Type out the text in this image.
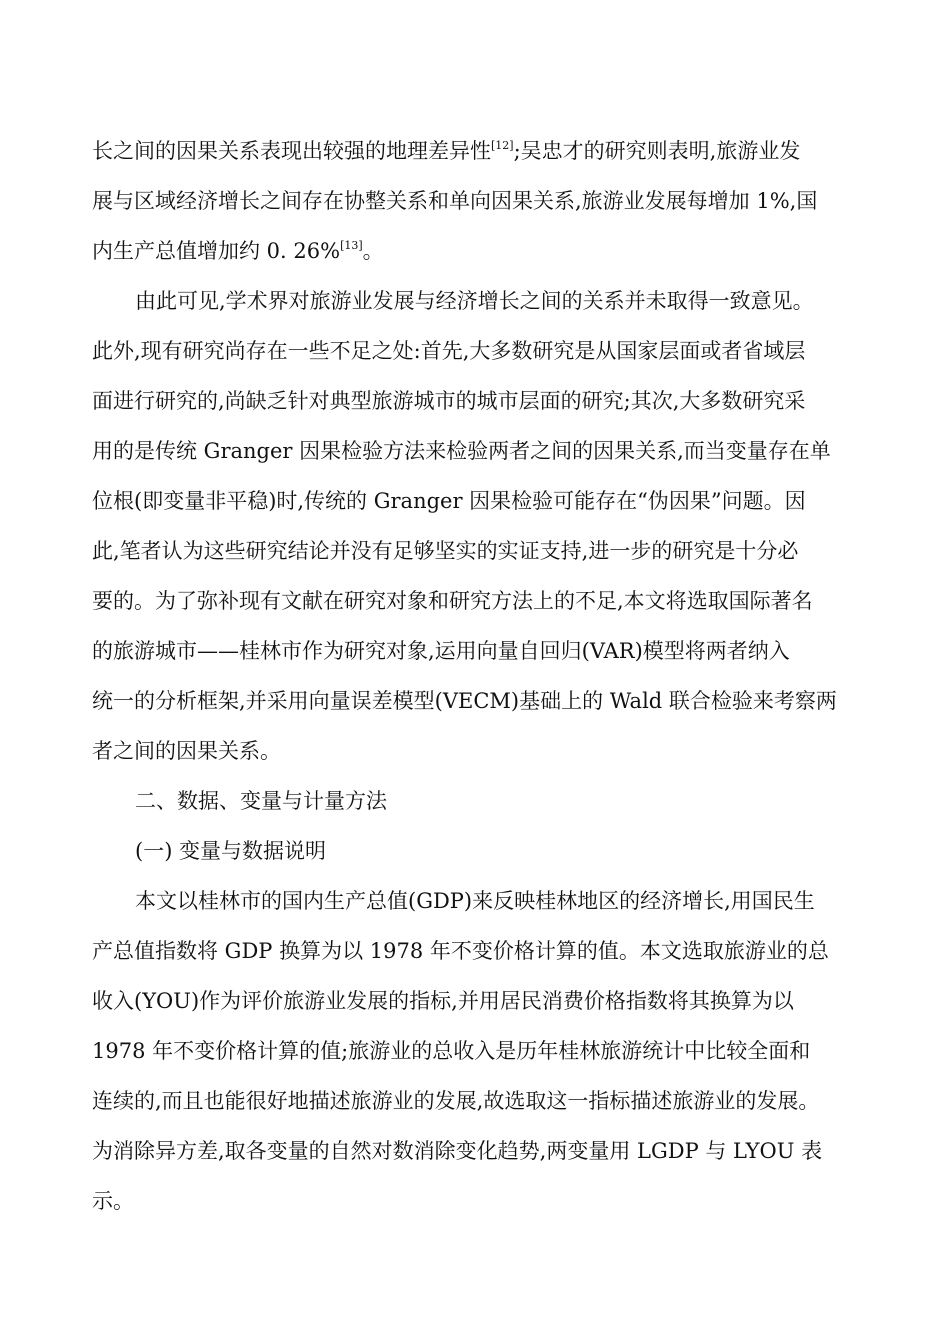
长之间的因果关系表现出较强的地理差异性[12];吴忠才的研究则表明,旅游业发
展与区域经济增长之间存在协整关系和单向因果关系,旅游业发展每增加 1%,国
内生产总值增加约 0. 26%[13]。
由此可见,学术界对旅游业发展与经济增长之间的关系并未取得一致意见。
此外,现有研究尚存在一些不足之处:首先,大多数研究是从国家层面或者省域层
面进行研究的,尚缺乏针对典型旅游城市的城市层面的研究;其次,大多数研究采
用的是传统 Granger 因果检验方法来检验两者之间的因果关系,而当变量存在单
位根(即变量非平稳)时,传统的 Granger 因果检验可能存在“伪因果”问题。因
此,笔者认为这些研究结论并没有足够坚实的实证支持,进一步的研究是十分必
要的。为了弥补现有文献在研究对象和研究方法上的不足,本文将选取国际著名
的旅游城市——桂林市作为研究对象,运用向量自回归(VAR)模型将两者纳入
统一的分析框架,并采用向量误差模型(VECM)基础上的 Wald 联合检验来考察两
者之间的因果关系。
二、数据、变量与计量方法
(一) 变量与数据说明
本文以桂林市的国内生产总值(GDP)来反映桂林地区的经济增长,用国民生
产总值指数将 GDP 换算为以 1978 年不变价格计算的值。本文选取旅游业的总
收入(YOU)作为评价旅游业发展的指标,并用居民消费价格指数将其换算为以
1978 年不变价格计算的值;旅游业的总收入是历年桂林旅游统计中比较全面和
连续的,而且也能很好地描述旅游业的发展,故选取这一指标描述旅游业的发展。
为消除异方差,取各变量的自然对数消除变化趋势,两变量用 LGDP 与 LYOU 表
示。
